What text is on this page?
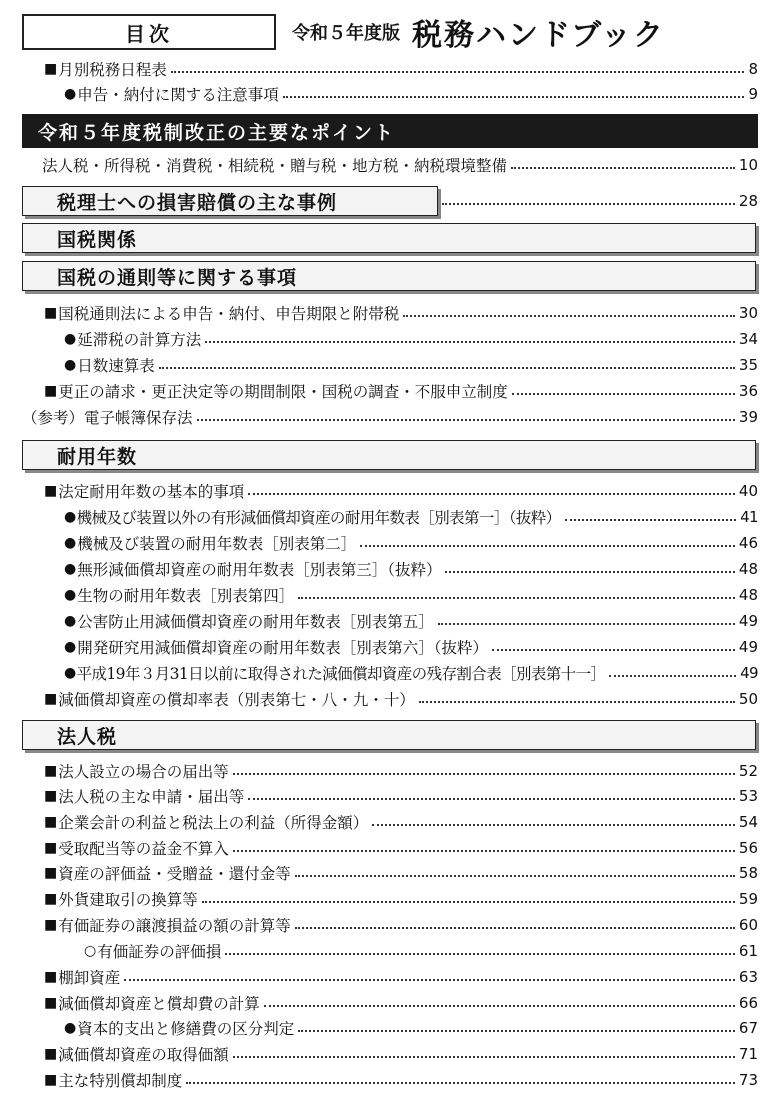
目次	令和５年度版 税務ハンドブック
■ 月別税務日程表	8
● 申告・納付に関する注意事項	9
令和５年度税制改正の主要なポイント
法人税・所得税・消費税・相続税・贈与税・地方税・納税環境整備	10
税理士への損害賠償の主な事例	28
国税関係
国税の通則等に関する事項
■ 国税通則法による申告・納付、申告期限と附帯税	30
● 延滞税の計算方法	34
● 日数速算表	35
■ 更正の請求・更正決定等の期間制限・国税の調査・不服申立制度	36
（参考）電子帳簿保存法	39
耐用年数
■ 法定耐用年数の基本的事項	40
● 機械及び装置以外の有形減価償却資産の耐用年数表［別表第一］（抜粋）	41
● 機械及び装置の耐用年数表［別表第二］	46
● 無形減価償却資産の耐用年数表［別表第三］（抜粋）	48
● 生物の耐用年数表［別表第四］	48
● 公害防止用減価償却資産の耐用年数表［別表第五］	49
● 開発研究用減価償却資産の耐用年数表［別表第六］（抜粋）	49
● 平成19年３月31日以前に取得された減価償却資産の残存割合表［別表第十一］	49
■ 減価償却資産の償却率表（別表第七・八・九・十）	50
法人税
■ 法人設立の場合の届出等	52
■ 法人税の主な申請・届出等	53
■ 企業会計の利益と税法上の利益（所得金額）	54
■ 受取配当等の益金不算入	56
■ 資産の評価益・受贈益・還付金等	58
■ 外貨建取引の換算等	59
■ 有価証券の譲渡損益の額の計算等	60
○ 有価証券の評価損	61
■ 棚卸資産	63
■ 減価償却資産と償却費の計算	66
● 資本的支出と修繕費の区分判定	67
■ 減価償却資産の取得価額	71
■ 主な特別償却制度	73
